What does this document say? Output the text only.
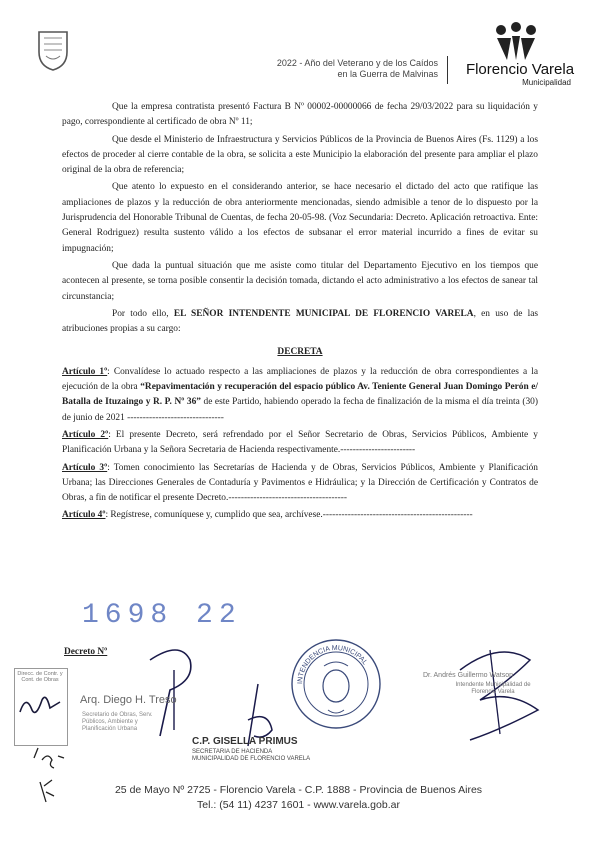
2022 - Año del Veterano y de los Caídos
en la Guerra de Malvinas	Florencio Varela
Municipalidad

Que la empresa contratista presentó Factura B Nº 00002-00000066 de fecha 29/03/2022 para su liquidación y pago, correspondiente al certificado de obra Nº 11;

Que desde el Ministerio de Infraestructura y Servicios Públicos de la Provincia de Buenos Aires (Fs. 1129) a los efectos de proceder al cierre contable de la obra, se solicita a este Municipio la elaboración del presente para ampliar el plazo original de la obra de referencia;

Que atento lo expuesto en el considerando anterior, se hace necesario el dictado del acto que ratifique las ampliaciones de plazos y la reducción de obra anteriormente mencionadas, siendo admisible a tenor de lo dispuesto por la Jurisprudencia del Honorable Tribunal de Cuentas, de fecha 20-05-98. (Voz Secundaria: Decreto. Aplicación retroactiva. Ente: General Rodriguez) resulta sustento válido a los efectos de subsanar el error material incurrido a fines de evitar su impugnación;

Que dada la puntual situación que me asiste como titular del Departamento Ejecutivo en los tiempos que acontecen al presente, se torna posible consentir la decisión tomada, dictando el acto administrativo a los efectos de sanear tal circunstancia;

Por todo ello, EL SEÑOR INTENDENTE MUNICIPAL DE FLORENCIO VARELA, en uso de las atribuciones propias a su cargo:

DECRETA

Artículo 1º: Convalídese lo actuado respecto a las ampliaciones de plazos y la reducción de obra correspondientes a la ejecución de la obra “Repavimentación y recuperación del espacio público Av. Teniente General Juan Domingo Perón e/ Batalla de Ituzaingo y R. P. Nº 36” de este Partido, habiendo operado la fecha de finalización de la misma el día treinta (30) de junio de 2021 -------------------------------

Artículo 2º: El presente Decreto, será refrendado por el Señor Secretario de Obras, Servicios Públicos, Ambiente y Planificación Urbana y la Señora Secretaria de Hacienda respectivamente.------------------------

Artículo 3º: Tomen conocimiento las Secretarías de Hacienda y de Obras, Servicios Públicos, Ambiente y Planificación Urbana; las Direcciones Generales de Contaduría y Pavimentos e Hidráulica; y la Dirección de Certificación y Contratos de Obras, a fin de notificar el presente Decreto.--------------------------------------

Artículo 4º: Regístrese, comuníquese y, cumplido que sea, archívese.------------------------------------------------

1698 22
Decreto Nº
Direcc. de Contr. y Cont. de Obras
Arq. Diego H. Treso
Secretario de Obras, Serv. Públicos, Ambiente y Planificación Urbana
C.P. GISELLA PRIMUS
SECRETARIA DE HACIENDA
MUNICIPALIDAD DE FLORENCIO VARELA
INTENDENCIA MUNICIPAL
Dr. Andrés Guillermo Watson
Intendente Municipalidad de Florencio Varela
25 de Mayo Nº 2725 - Florencio Varela - C.P. 1888 - Provincia de Buenos Aires
Tel.: (54 11) 4237 1601 - www.varela.gob.ar
